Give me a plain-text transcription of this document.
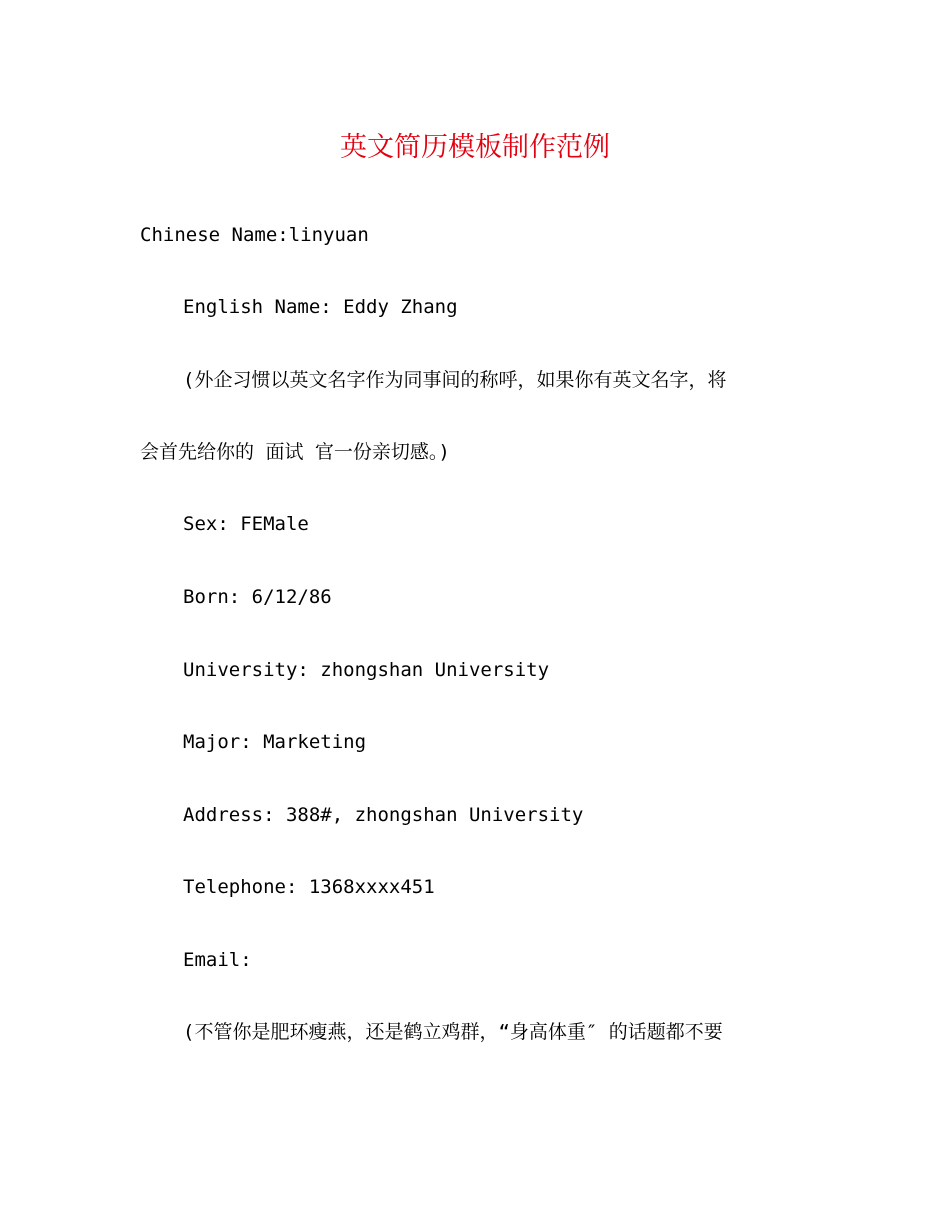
英文简历模板制作范例

Chinese Name:linyuan

English Name: Eddy Zhang

(外企习惯以英文名字作为同事间的称呼，如果你有英文名字，将

会首先给你的 面试 官一份亲切感。)

Sex: FEMale

Born: 6/12/86

University: zhongshan University

Major: Marketing

Address: 388#, zhongshan University

Telephone: 1368xxxx451

Email:

(不管你是肥环瘦燕，还是鹤立鸡群，“身高体重″ 的话题都不要
